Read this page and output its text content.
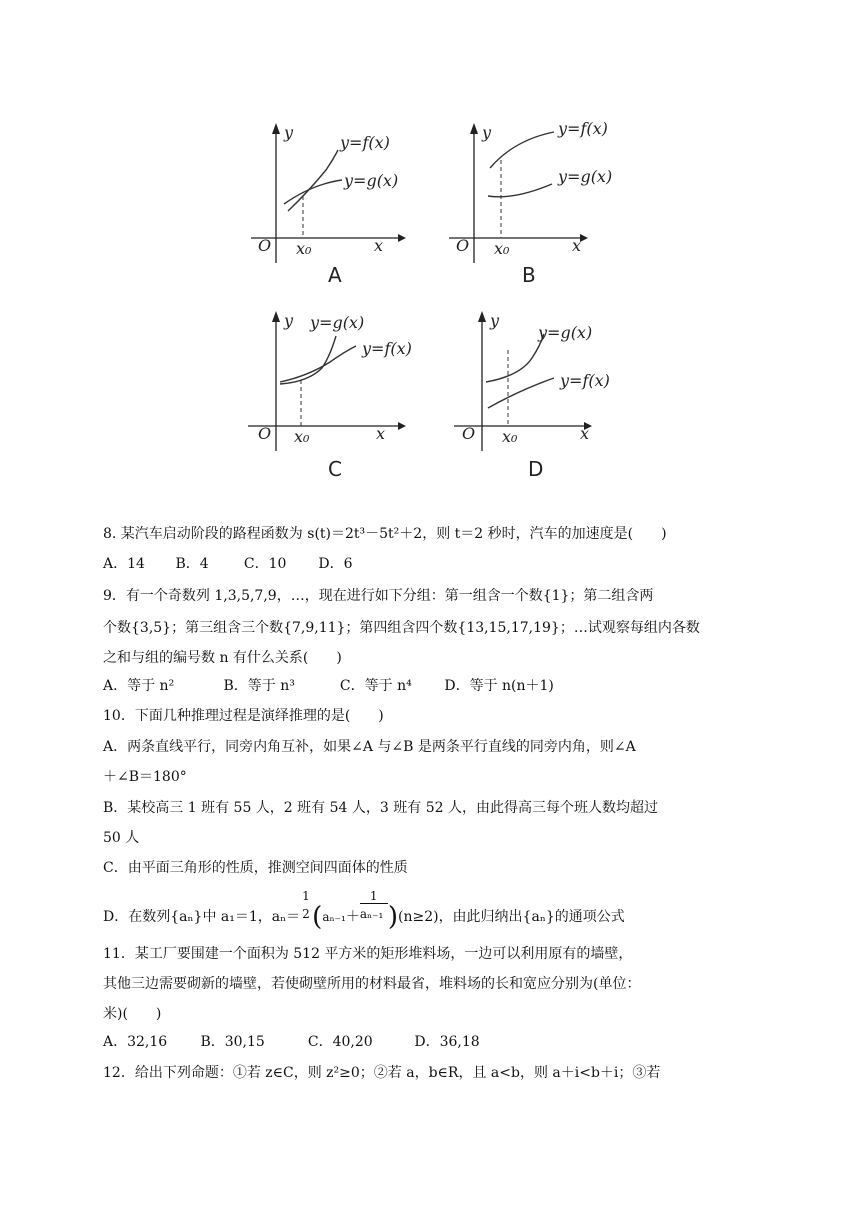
y
x
O x₀
y=f(x)
y=g(x)
A
y
x
O x₀
y=f(x)
y=g(x)
B
y
x
O x₀
y=g(x)
y=f(x)
C
y
x
O x₀
y=g(x)
y=f(x)
D
8. 某汽车启动阶段的路程函数为 s(t)＝2t³－5t²＋2，则 t＝2 秒时，汽车的加速度是(　　)
A．14 B．4	C．10 D．6
9．有一个奇数列 1,3,5,7,9，…，现在进行如下分组：第一组含一个数{1}；第二组含两
个数{3,5}；第三组含三个数{7,9,11}；第四组含四个数{13,15,17,19}；…试观察每组内各数
之和与组的编号数 n 有什么关系(　　)
A．等于 n²	B．等于 n³	C．等于 n⁴ D．等于 n(n＋1)
10．下面几种推理过程是演绎推理的是(　　)
A．两条直线平行，同旁内角互补，如果∠A 与∠B 是两条平行直线的同旁内角，则∠A
＋∠B＝180°
B．某校高三 1 班有 55 人，2 班有 54 人，3 班有 52 人，由此得高三每个班人数均超过
50 人
C．由平面三角形的性质，推测空间四面体的性质
D．在数列{aₙ}中 a₁＝1，aₙ＝
1
2 $(a_{n-1}+ \frac{1}{\text{aₙ₋₁}} )(n\ge 2)$，由此归纳出{aₙ}的通项公式
11．某工厂要围建一个面积为 512 平方米的矩形堆料场，一边可以利用原有的墙壁，
其他三边需要砌新的墙壁，若使砌壁所用的材料最省，堆料场的长和宽应分别为(单位：
米)(　　)
A．32,16 B．30,15	C．40,20	D．36,18
12．给出下列命题：①若 z∈C，则 z²≥0；②若 a，b∈R，且 a<b，则 a＋i<b＋i；③若
